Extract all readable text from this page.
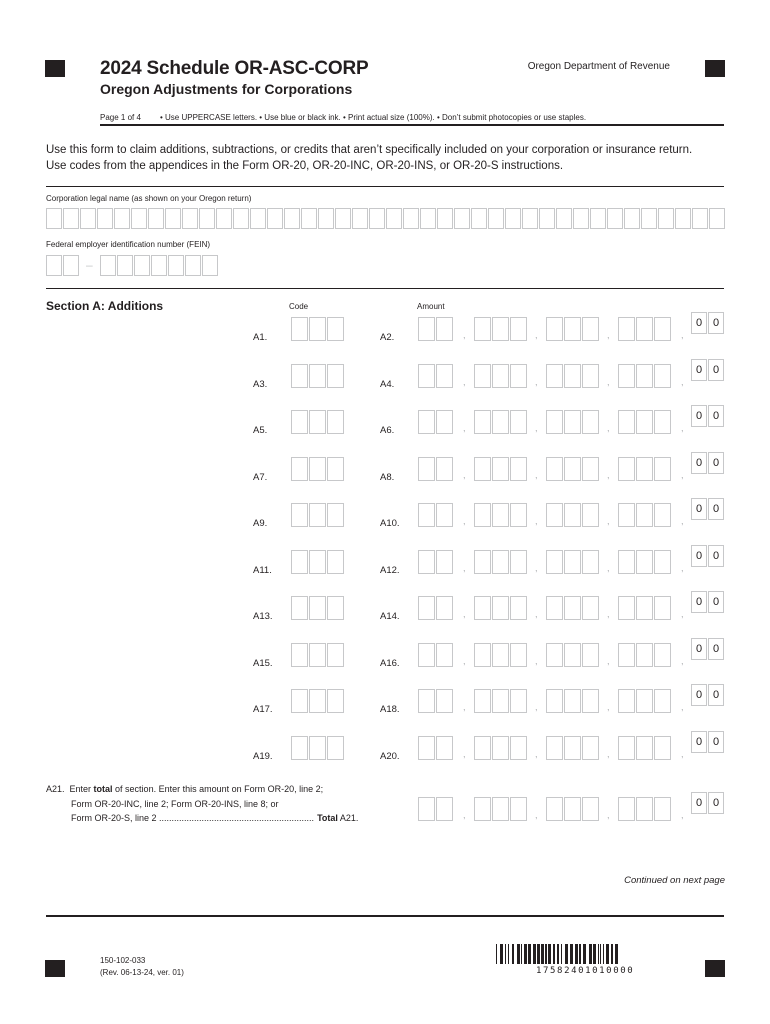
2024 Schedule OR-ASC-CORP
Oregon Adjustments for Corporations
Oregon Department of Revenue
Page 1 of 4 • Use UPPERCASE letters. • Use blue or black ink. • Print actual size (100%). • Don’t submit photocopies or use staples.
Use this form to claim additions, subtractions, or credits that aren’t specifically included on your corporation or insurance return.
Use codes from the appendices in the Form OR-20, OR-20-INC, OR-20-INS, or OR-20-S instructions.
Corporation legal name (as shown on your Oregon return)
Federal employer identification number (FEIN)
–
Section A: Additions	Code	Amount
A1.	A2.	,	,	,	,
0 0
A3.	A4.	,	,	,	,
0 0
A5.	A6.	,	,	,	,
0 0
A7.	A8.	,	,	,	,
0 0
A9.	A10.	,	,	,	,
0 0
A11.	A12.	,	,	,	,
0 0
A13.	A14.	,	,	,	,
0 0
A15.	A16.	,	,	,	,
0 0
A17.	A18.	,	,	,	,
0 0
A19.	A20.	,	,	,	,
0 0
A21. Enter total of section. Enter this amount on Form OR-20, line 2;
Form OR-20-INC, line 2; Form OR-20-INS, line 8; or
Form OR-20-S, line 2 .............................................................. Total A21.	,	,	,	,
0 0
Continued on next page
150-102-033
(Rev. 06-13-24, ver. 01)	17582401010000
